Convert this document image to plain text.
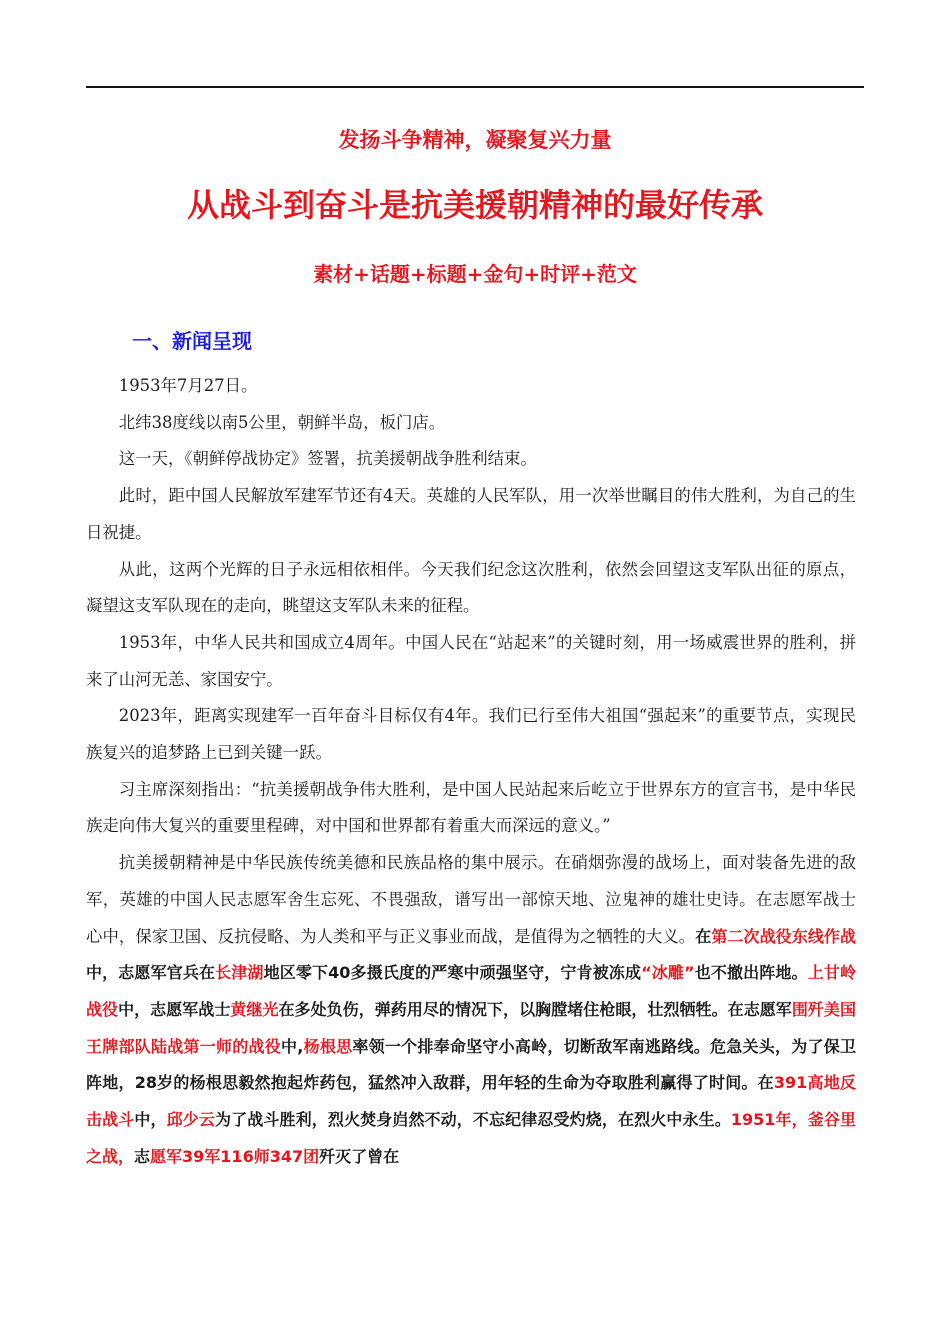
发扬斗争精神，凝聚复兴力量
从战斗到奋斗是抗美援朝精神的最好传承
素材+话题+标题+金句+时评+范文
一、新闻呈现

1953年7月27日。

北纬38度线以南5公里，朝鲜半岛，板门店。

这一天，《朝鲜停战协定》签署，抗美援朝战争胜利结束。

此时，距中国人民解放军建军节还有4天。英雄的人民军队，用一次举世瞩目的伟大胜利，为自己的生日祝捷。

从此，这两个光辉的日子永远相依相伴。今天我们纪念这次胜利，依然会回望这支军队出征的原点，凝望这支军队现在的走向，眺望这支军队未来的征程。

1953年，中华人民共和国成立4周年。中国人民在“站起来”的关键时刻，用一场威震世界的胜利，拼来了山河无恙、家国安宁。

2023年，距离实现建军一百年奋斗目标仅有4年。我们已行至伟大祖国“强起来”的重要节点，实现民族复兴的追梦路上已到关键一跃。

习主席深刻指出：“抗美援朝战争伟大胜利，是中国人民站起来后屹立于世界东方的宣言书，是中华民族走向伟大复兴的重要里程碑，对中国和世界都有着重大而深远的意义。”

抗美援朝精神是中华民族传统美德和民族品格的集中展示。在硝烟弥漫的战场上，面对装备先进的敌军，英雄的中国人民志愿军舍生忘死、不畏强敌，谱写出一部惊天地、泣鬼神的雄壮史诗。在志愿军战士心中，保家卫国、反抗侵略、为人类和平与正义事业而战，是值得为之牺牲的大义。在第二次战役东线作战中，志愿军官兵在长津湖地区零下40多摄氏度的严寒中顽强坚守，宁肯被冻成“冰雕”也不撤出阵地。上甘岭战役中，志愿军战士黄继光在多处负伤，弹药用尽的情况下，以胸膛堵住枪眼，壮烈牺牲。在志愿军围歼美国王牌部队陆战第一师的战役中,杨根思率领一个排奉命坚守小高岭，切断敌军南逃路线。危急关头，为了保卫阵地，28岁的杨根思毅然抱起炸药包，猛然冲入敌群，用年轻的生命为夺取胜利赢得了时间。在391高地反击战斗中，邱少云为了战斗胜利，烈火焚身岿然不动，不忘纪律忍受灼烧，在烈火中永生。1951年，釜谷里之战，志愿军39军116师347团歼灭了曾在
